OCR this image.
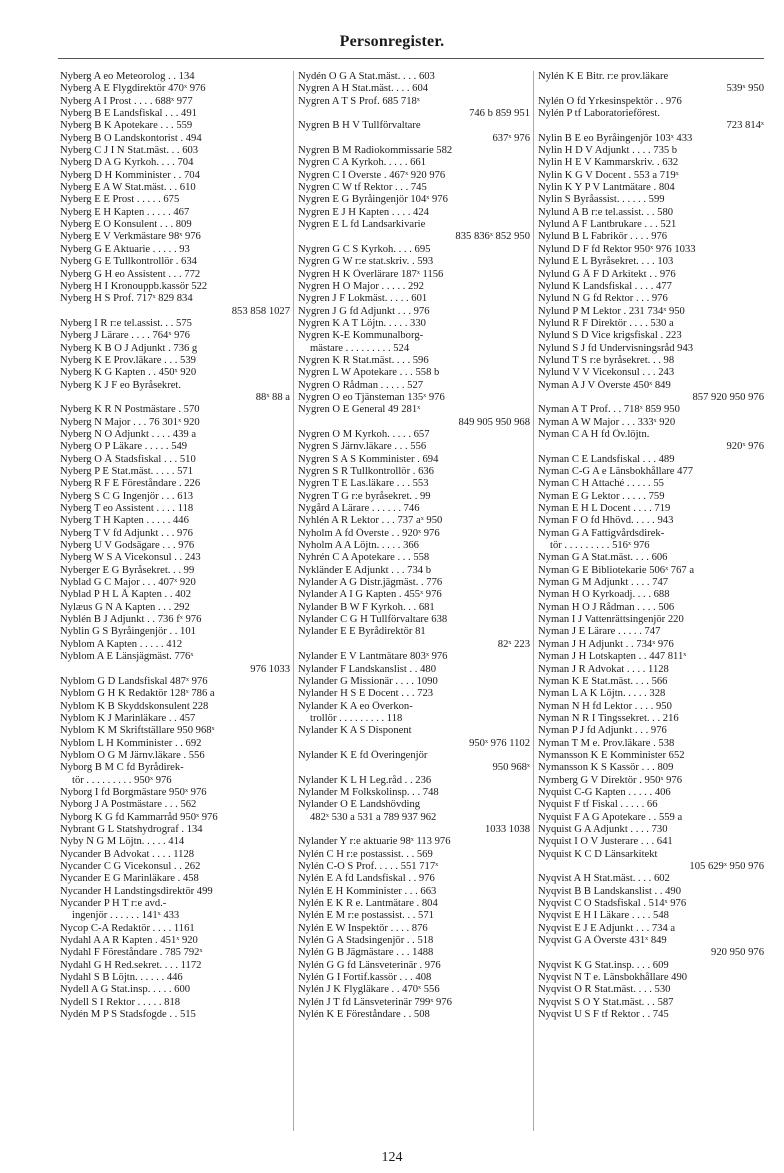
Personregister.
Nyberg A eo Meteorolog . . 134
Nyberg A E Flygdirektör 470ˣ 976
Nyberg A I Prost . . . . 688ˣ 977
Nyberg B E Landsfiskal . . . 491
Nyberg B K Apotekare . . . 559
Nyberg B O Landskontorist . 494
Nyberg C J I N Stat.mäst. . . 603
Nyberg D A G Kyrkoh. . . . 704
Nyberg D H Komminister . . 704
Nyberg E A W Stat.mäst. . . 610
Nyberg E E Prost . . . . . 675
Nyberg E H Kapten . . . . . 467
Nyberg E O Konsulent . . . 809
Nyberg E V Verkmästare 98ˣ 976
Nyberg G E Aktuarie . . . . . 93
Nyberg G E Tullkontrollör . 634
Nyberg G H eo Assistent . . . 772
Nyberg H I Kronouppb.kassör 522
Nyberg H S Prof. 717ˣ 829 834
853 858 1027
Nyberg I R r:e tel.assist. . . 575
Nyberg J Lärare . . . . 764ˣ 976
Nyberg K B O J Adjunkt . 736 g
Nyberg K E Prov.läkare . . . 539
Nyberg K G Kapten . . 450ˣ 920
Nyberg K J F eo Byråsekret.
88ˣ 88 a
Nyberg K R N Postmästare . 570
Nyberg N Major . . . 76 301ˣ 920
Nyberg N O Adjunkt . . . . 439 a
Nyberg O P Läkare . . . . . 549
Nyberg O Å Stadsfiskal . . . 510
Nyberg P E Stat.mäst. . . . . 571
Nyberg R F E Föreståndare . 226
Nyberg S C G Ingenjör . . . 613
Nyberg T eo Assistent . . . . 118
Nyberg T H Kapten . . . . . 446
Nyberg T V fd Adjunkt . . . 976
Nyberg U V Godsägare . . . 976
Nyberg W S A Vicekonsul . . 243
Nyberger E G Byråsekret. . . 99
Nyblad G C Major . . . 407ˣ 920
Nyblad P H L Å Kapten . . 402
Nylæus G N A Kapten . . . 292
Nyblén B J Adjunkt . . 736 fˣ 976
Nyblin G S Byråingenjör . . 101
Nyblom A Kapten . . . . . 412
Nyblom A E Länsjägmäst. 776ˣ
976 1033
Nyblom G D Landsfiskal 487ˣ 976
Nyblom G H K Redaktör 128ˣ 786 a
Nyblom K B Skyddskonsulent 228
Nyblom K J Marinläkare . . 457
Nyblom K M Skriftställare 950 968ˣ
Nyblom L H Komminister . . 692
Nyblom O G M Järnv.läkare . 556
Nyborg B M C fd Byrådirek-
tör . . . . . . . . . 950ˣ 976
Nyborg I fd Borgmästare 950ˣ 976
Nyborg J A Postmästare . . . 562
Nyborg K G fd Kammarråd 950ˣ 976
Nybrant G L Statshydrograf . 134
Nyby N G M Löjtn. . . . . 414
Nycander B Advokat . . . . 1128
Nycander C G Vicekonsul . . 262
Nycander E G Marinläkare . 458
Nycander H Landstingsdirektör 499
Nycander P H T r:e avd.-
ingenjör . . . . . . 141ˣ 433
Nycop C-A Redaktör . . . . 1161
Nydahl A A R Kapten . 451ˣ 920
Nydahl F Föreståndare . 785 792ˣ
Nydahl G H Red.sekret. . . . 1172
Nydahl S B Löjtn. . . . . . 446
Nydell A G Stat.insp. . . . . 600
Nydell S I Rektor . . . . . 818
Nydén M P S Stadsfogde . . 515
Nydén O G A Stat.mäst. . . . 603
Nygren A H Stat.mäst. . . . 604
Nygren A T S Prof. 685 718ˣ
746 b 859 951
Nygren B H V Tullförvaltare
637ˣ 976
Nygren B M Radiokommissarie 582
Nygren C A Kyrkoh. . . . . 661
Nygren C I Överste . 467ˣ 920 976
Nygren C W tf Rektor . . . 745
Nygren E G Byråingenjör 104ˣ 976
Nygren E J H Kapten . . . . 424
Nygren E L fd Landsarkivarie
835 836ˣ 852 950
Nygren G C S Kyrkoh. . . . 695
Nygren G W r:e stat.skriv. . 593
Nygren H K Överlärare 187ˣ 1156
Nygren H O Major . . . . . 292
Nygren J F Lokmäst. . . . . 601
Nygren J G fd Adjunkt . . . 976
Nygren K A T Löjtn. . . . . 330
Nygren K-E Kommunalborg-
mästare . . . . . . . . . 524
Nygren K R Stat.mäst. . . . 596
Nygren L W Apotekare . . . 558 b
Nygren O Rådman . . . . . 527
Nygren O eo Tjänsteman 135ˣ 976
Nygren O E General 49 281ˣ
849 905 950 968
Nygren O M Kyrkoh. . . . . 657
Nygren S Järnv.läkare . . . 556
Nygren S A S Komminister . 694
Nygren S R Tullkontrollör . 636
Nygren T E Las.läkare . . . 553
Nygren T G r:e byråsekret. . 99
Nygård A Lärare . . . . . . 746
Nyhlén A R Lektor . . . 737 aˣ 950
Nyholm A fd Överste . . 920ˣ 976
Nyholm A A Löjtn. . . . . 366
Nyhrén C A Apotekare . . . 558
Nykländer E Adjunkt . . . 734 b
Nylander A G Distr.jägmäst. . 776
Nylander A I G Kapten . 455ˣ 976
Nylander B W F Kyrkoh. . . 681
Nylander C G H Tullförvaltare 638
Nylander E E Byrådirektör 81
82ˣ 223
Nylander E V Lantmätare 803ˣ 976
Nylander F Landskanslist . . 480
Nylander G Missionär . . . . 1090
Nylander H S E Docent . . . 723
Nylander K A eo Överkon-
trollör . . . . . . . . . 118
Nylander K A S Disponent
950ˣ 976 1102
Nylander K E fd Överingenjör
950 968ˣ
Nylander K L H Leg.råd . . 236
Nylander M Folkskolinsp. . . 748
Nylander O E Landshövding
482ˣ 530 a 531 a 789 937 962
1033 1038
Nylander Y r:e aktuarie 98ˣ 113 976
Nylén C H r:e postassist. . . 569
Nylén C-O S Prof. . . . . 551 717ˣ
Nylén E A fd Landsfiskal . . 976
Nylén E H Komminister . . . 663
Nylén E K R e. Lantmätare . 804
Nylén E M r:e postassist. . . 571
Nylén E W Inspektör . . . . 876
Nylén G A Stadsingenjör . . 518
Nylén G B Jägmästare . . . 1488
Nylén G G fd Länsveterinär . 976
Nylén G I Fortif.kassör . . . 408
Nylén J K Flygläkare . . 470ˣ 556
Nylén J T fd Länsveterinär 799ˣ 976
Nylén K E Föreståndare . . 508
Nylén K E Bitr. r:e prov.läkare
539ˣ 950
Nylén O fd Yrkesinspektör . . 976
Nylén P tf Laboratorieförest.
723 814ˣ
Nylin B E eo Byråingenjör 103ˣ 433
Nylin H D V Adjunkt . . . . 735 b
Nylin H E V Kammarskriv. . 632
Nylin K G V Docent . 553 a 719ˣ
Nylin K Y P V Lantmätare . 804
Nylin S Byråassist. . . . . . 599
Nylund A B r:e tel.assist. . . 580
Nylund A F Lantbrukare . . . 521
Nylund B L Fabrikör . . . . 976
Nylund D F fd Rektor 950ˣ 976 1033
Nylund E L Byråsekret. . . . 103
Nylund G Å F D Arkitekt . . 976
Nylund K Landsfiskal . . . . 477
Nylund N G fd Rektor . . . 976
Nylund P M Lektor . 231 734ˣ 950
Nylund R F Direktör . . . . 530 a
Nylund S D Vice krigsfiskal . 223
Nylund S J fd Undervisningsråd 943
Nylund T S r:e byråsekret. . . 98
Nylund V V Vicekonsul . . . 243
Nyman A J V Överste 450ˣ 849
857 920 950 976
Nyman A T Prof. . . 718ˣ 859 950
Nyman A W Major . . . 333ˣ 920
Nyman C A H fd Öv.löjtn.
920ˣ 976
Nyman C E Landsfiskal . . . 489
Nyman C-G A e Länsbokhållare 477
Nyman C H Attaché . . . . . 55
Nyman E G Lektor . . . . . 759
Nyman E H L Docent . . . . 719
Nyman F O fd Hhövd. . . . . 943
Nyman G A Fattigvårdsdirek-
tör . . . . . . . . . 516ˣ 976
Nyman G A Stat.mäst. . . . 606
Nyman G E Bibliotekarie 506ˣ 767 a
Nyman G M Adjunkt . . . . 747
Nyman H O Kyrkoadj. . . . 688
Nyman H O J Rådman . . . . 506
Nyman I J Vattenrättsingenjör 220
Nyman J E Lärare . . . . . 747
Nyman J H Adjunkt . . 734ˣ 976
Nyman J H Lotskapten . . 447 811ˣ
Nyman J R Advokat . . . . 1128
Nyman K E Stat.mäst. . . . 566
Nyman L A K Löjtn. . . . . 328
Nyman N H fd Lektor . . . . 950
Nyman N R I Tingssekret. . . 216
Nyman P J fd Adjunkt . . . 976
Nyman T M e. Prov.läkare . 538
Nymansson K E Komminister 652
Nymansson K S Kassör . . . 809
Nymberg G V Direktör . 950ˣ 976
Nyquist C-G Kapten . . . . . 406
Nyquist F tf Fiskal . . . . . 66
Nyquist F A G Apotekare . . 559 a
Nyquist G A Adjunkt . . . . 730
Nyquist I O V Justerare . . . 641
Nyquist K C D Länsarkitekt
105 629ˣ 950 976
Nyqvist A H Stat.mäst. . . . 602
Nyqvist B B Landskanslist . . 490
Nyqvist C O Stadsfiskal . 514ˣ 976
Nyqvist E H I Läkare . . . . 548
Nyqvist E J E Adjunkt . . . 734 a
Nyqvist G A Överste 431ˣ 849
920 950 976
Nyqvist K G Stat.insp. . . . 609
Nyqvist N T e. Länsbokhållare 490
Nyqvist O R Stat.mäst. . . . 530
Nyqvist S O Y Stat.mäst. . . 587
Nyqvist U S F tf Rektor . . 745
124
